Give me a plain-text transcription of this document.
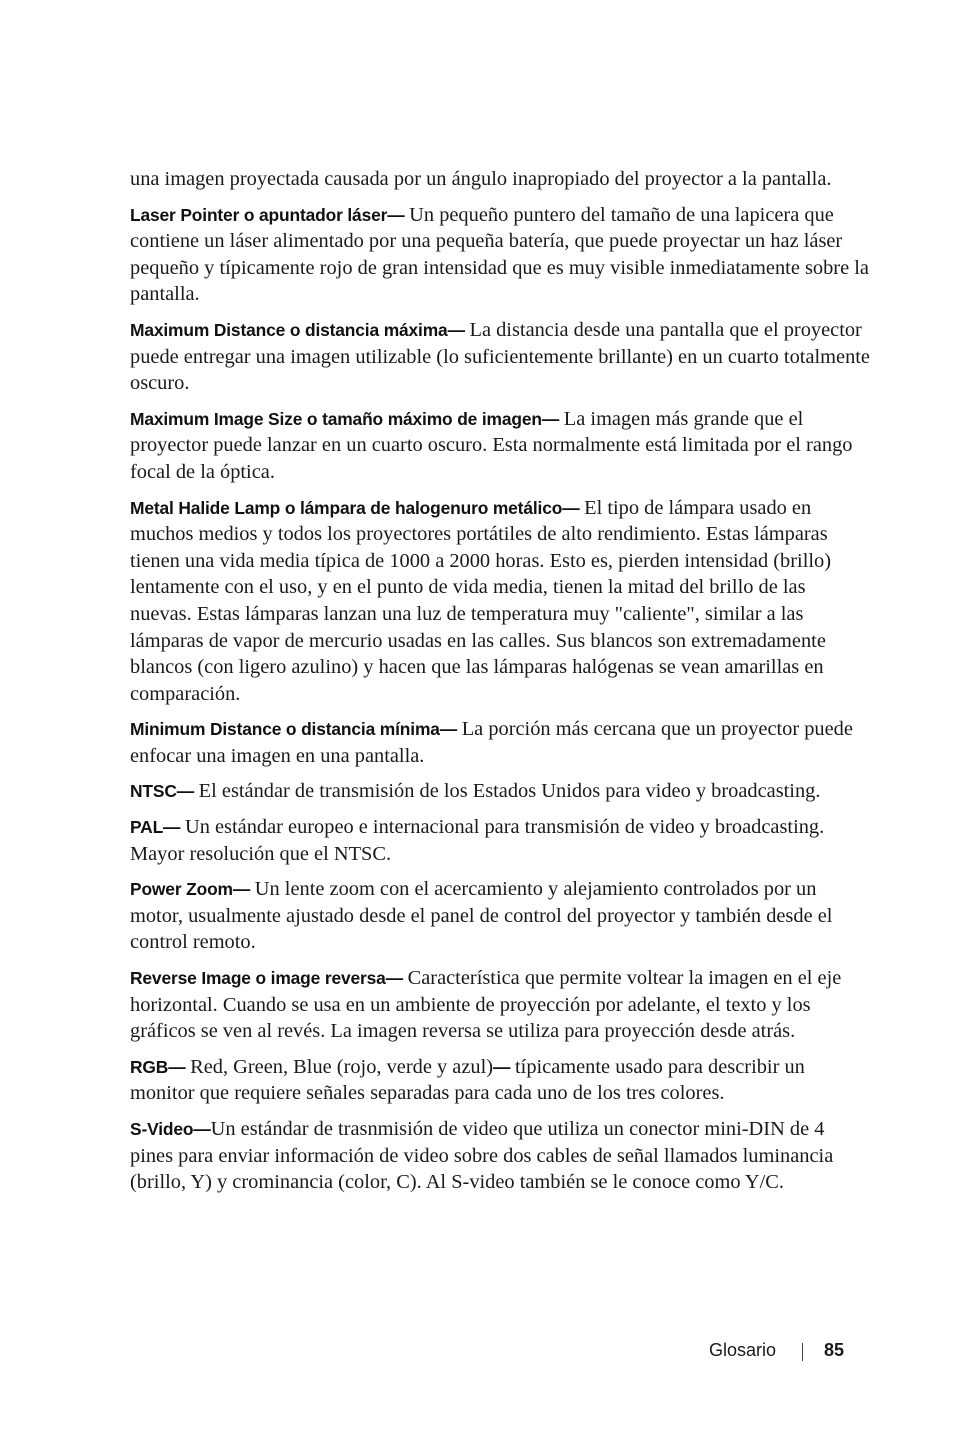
una imagen proyectada causada por un ángulo inapropiado del proyector a la pantalla.

Laser Pointer o apuntador láser— Un pequeño puntero del tamaño de una lapicera que contiene un láser alimentado por una pequeña batería, que puede proyectar un haz láser pequeño y típicamente rojo de gran intensidad que es muy visible inmediatamente sobre la pantalla.

Maximum Distance o distancia máxima— La distancia desde una pantalla que el proyector puede entregar una imagen utilizable (lo suficientemente brillante) en un cuarto totalmente oscuro.

Maximum Image Size o tamaño máximo de imagen— La imagen más grande que el proyector puede lanzar en un cuarto oscuro. Esta normalmente está limitada por el rango focal de la óptica.

Metal Halide Lamp o lámpara de halogenuro metálico— El tipo de lámpara usado en muchos medios y todos los proyectores portátiles de alto rendimiento. Estas lámparas tienen una vida media típica de 1000 a 2000 horas. Esto es, pierden intensidad (brillo) lentamente con el uso, y en el punto de vida media, tienen la mitad del brillo de las nuevas. Estas lámparas lanzan una luz de temperatura muy "caliente", similar a las lámparas de vapor de mercurio usadas en las calles. Sus blancos son extremadamente blancos (con ligero azulino) y hacen que las lámparas halógenas se vean amarillas en comparación.

Minimum Distance o distancia mínima— La porción más cercana que un proyector puede enfocar una imagen en una pantalla.

NTSC— El estándar de transmisión de los Estados Unidos para video y broadcasting.

PAL— Un estándar europeo e internacional para transmisión de video y broadcasting. Mayor resolución que el NTSC.

Power Zoom— Un lente zoom con el acercamiento y alejamiento controlados por un motor, usualmente ajustado desde el panel de control del proyector y también desde el control remoto.

Reverse Image o image reversa— Característica que permite voltear la imagen en el eje horizontal. Cuando se usa en un ambiente de proyección por adelante, el texto y los gráficos se ven al revés. La imagen reversa se utiliza para proyección desde atrás.

RGB— Red, Green, Blue (rojo, verde y azul)— típicamente usado para describir un monitor que requiere señales separadas para cada uno de los tres colores.

S-Video—Un estándar de trasnmisión de video que utiliza un conector mini-DIN de 4 pines para enviar información de video sobre dos cables de señal llamados luminancia (brillo, Y) y crominancia (color, C). Al S-video también se le conoce como Y/C.

Glosario	85
